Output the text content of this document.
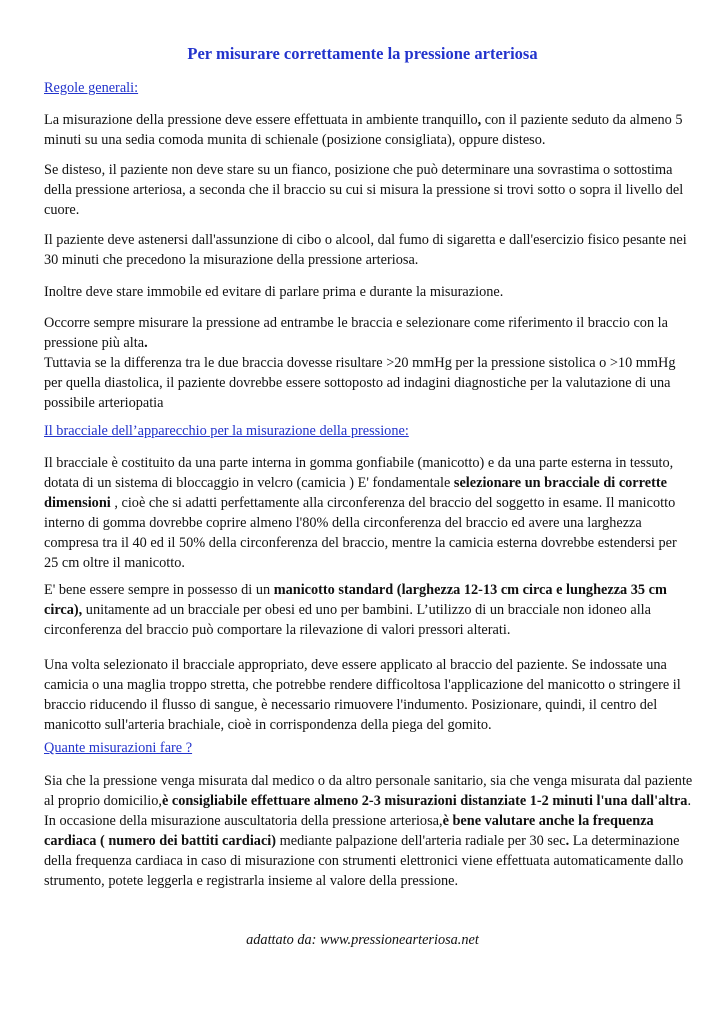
Per misurare correttamente la pressione arteriosa

Regole generali:

La misurazione della pressione deve essere effettuata in ambiente tranquillo, con il paziente seduto da almeno 5 minuti su una sedia comoda munita di schienale (posizione consigliata), oppure disteso.

Se disteso, il paziente non deve stare su un fianco, posizione che può determinare una sovrastima o sottostima della pressione arteriosa, a seconda che il braccio su cui si misura la pressione si trovi sotto o sopra il livello del cuore.

Il paziente deve astenersi dall'assunzione di cibo o alcool, dal fumo di sigaretta e dall'esercizio fisico pesante nei 30 minuti che precedono la misurazione della pressione arteriosa.

Inoltre deve stare immobile ed evitare di parlare prima e durante la misurazione.

Occorre sempre misurare la pressione ad entrambe le braccia e selezionare come riferimento il braccio con la pressione più alta.
Tuttavia se la differenza tra le due braccia dovesse risultare >20 mmHg per la pressione sistolica o >10 mmHg per quella diastolica, il paziente dovrebbe essere sottoposto ad indagini diagnostiche per la valutazione di una possibile arteriopatia

Il bracciale dell’apparecchio per la misurazione della pressione:

Il bracciale è costituito da una parte interna in gomma gonfiabile (manicotto) e da una parte esterna in tessuto, dotata di un sistema di bloccaggio in velcro (camicia ) E' fondamentale selezionare un bracciale di corrette dimensioni , cioè che si adatti perfettamente alla circonferenza del braccio del soggetto in esame. Il manicotto interno di gomma dovrebbe coprire almeno l'80% della circonferenza del braccio ed avere una larghezza compresa tra il 40 ed il 50% della circonferenza del braccio, mentre la camicia esterna dovrebbe estendersi per 25 cm oltre il manicotto.

E' bene essere sempre in possesso di un manicotto standard (larghezza 12-13 cm circa e lunghezza 35 cm circa), unitamente ad un bracciale per obesi ed uno per bambini. L’utilizzo di un bracciale non idoneo alla circonferenza del braccio può comportare la rilevazione di valori pressori alterati.

Una volta selezionato il bracciale appropriato, deve essere applicato al braccio del paziente. Se indossate una camicia o una maglia troppo stretta, che potrebbe rendere difficoltosa l'applicazione del manicotto o stringere il braccio riducendo il flusso di sangue, è necessario rimuovere l'indumento. Posizionare, quindi, il centro del manicotto sull'arteria brachiale, cioè in corrispondenza della piega del gomito.

Quante misurazioni fare ?

Sia che la pressione venga misurata dal medico o da altro personale sanitario, sia che venga misurata dal paziente al proprio domicilio,è consigliabile effettuare almeno 2-3 misurazioni distanziate 1-2 minuti l'una dall'altra. In occasione della misurazione auscultatoria della pressione arteriosa,è bene valutare anche la frequenza cardiaca ( numero dei battiti cardiaci) mediante palpazione dell'arteria radiale per 30 sec. La determinazione della frequenza cardiaca in caso di misurazione con strumenti elettronici viene effettuata automaticamente dallo strumento, potete leggerla e registrarla insieme al valore della pressione.

adattato da: www.pressionearteriosa.net
